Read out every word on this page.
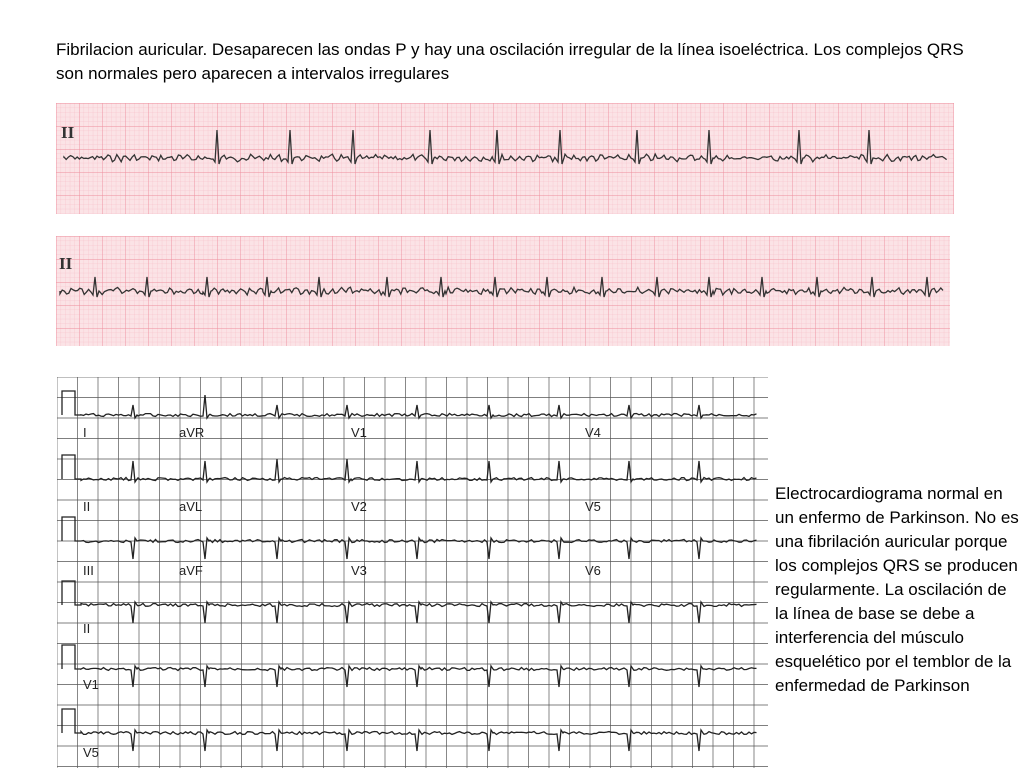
Fibrilacion auricular. Desaparecen las ondas P y hay una oscilación irregular de la línea isoeléctrica. Los complejos QRS son normales pero aparecen a intervalos irregulares
II
II
I	aVR	V1	V4
II	aVL	V2	V5
III	aVF	V3	V6
II
V1
V5
Electrocardiograma normal en un enfermo de Parkinson. No es una fibrilación auricular porque los complejos QRS se producen regularmente. La oscilación de la línea de base se debe a interferencia del músculo esquelético por el temblor de la enfermedad de Parkinson
